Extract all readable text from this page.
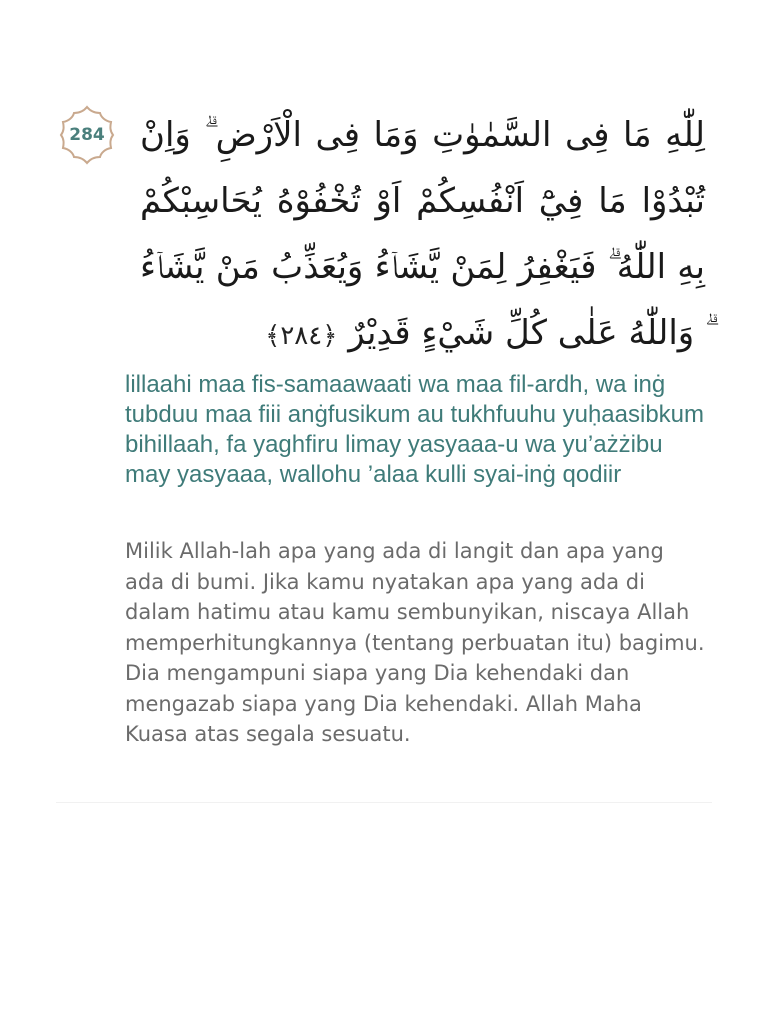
284	لِلّٰهِ مَا فِى السَّمٰوٰتِ وَمَا فِى الْاَرْضِ ۗ وَاِنْ تُبْدُوْا مَا فِيْٓ اَنْفُسِكُمْ اَوْ تُخْفُوْهُ يُحَاسِبْكُمْ بِهِ اللّٰهُ ۗ فَيَغْفِرُ لِمَنْ يَّشَاۤءُ وَيُعَذِّبُ مَنْ يَّشَاۤءُ ۗ وَاللّٰهُ عَلٰى كُلِّ شَيْءٍ قَدِيْرٌ ﴿٢٨٤﴾

lillaahi maa fis-samaawaati wa maa fil-ardh, wa inġ tubduu maa fiii anġfusikum au tukhfuuhu yuḥaasibkum bihillaah, fa yaghfiru limay yasyaaa-u wa yu’ażżibu may yasyaaa, wallohu ’alaa kulli syai-inġ qodiir

Milik Allah-lah apa yang ada di langit dan apa yang ada di bumi. Jika kamu nyatakan apa yang ada di dalam hatimu atau kamu sembunyikan, niscaya Allah memperhitungkannya (tentang perbuatan itu) bagimu. Dia mengampuni siapa yang Dia kehendaki dan mengazab siapa yang Dia kehendaki. Allah Maha Kuasa atas segala sesuatu.
